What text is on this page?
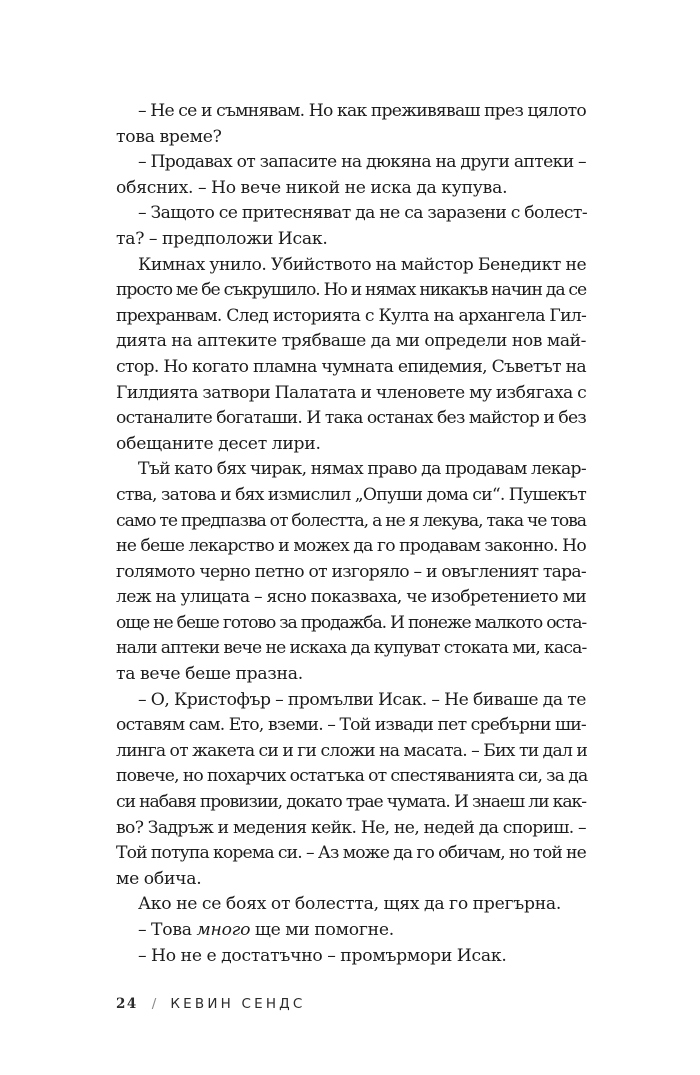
– Не се и съмнявам. Но как преживяваш през цялото
това време?

– Продавах от запасите на дюкяна на други аптеки –
обясних. – Но вече никой не иска да купува.

– Защото се притесняват да не са заразени с болест-
та? – предположи Исак.

Кимнах унило. Убийството на майстор Бенедикт не
просто ме бе съкрушило. Но и нямах никакъв начин да се
прехранвам. След историята с Култа на архангела Гил-
дията на аптеките трябваше да ми определи нов май-
стор. Но когато пламна чумната епидемия, Съветът на
Гилдията затвори Палатата и членовете му избягаха с
останалите богаташи. И така останах без майстор и без
обещаните десет лири.

Тъй като бях чирак, нямах право да продавам лекар-
ства, затова и бях измислил „Опуши дома си“. Пушекът
само те предпазва от болестта, а не я лекува, така че това
не беше лекарство и можех да го продавам законно. Но
голямото черно петно от изгоряло – и овъгленият тара-
леж на улицата – ясно показваха, че изобретението ми
още не беше готово за продажба. И понеже малкото оста-
нали аптеки вече не искаха да купуват стоката ми, каса-
та вече беше празна.

– О, Кристофър – промълви Исак. – Не биваше да те
оставям сам. Ето, вземи. – Той извади пет сребърни ши-
линга от жакета си и ги сложи на масата. – Бих ти дал и
повече, но похарчих остатъка от спестяванията си, за да
си набавя провизии, докато трае чумата. И знаеш ли как-
во? Задръж и медения кейк. Не, не, недей да спориш. –
Той потупа корема си. – Аз може да го обичам, но той не
ме обича.

Ако не се боях от болестта, щях да го прегърна.

– Това много ще ми помогне.

– Но не е достатъчно – промърмори Исак.

24 / КЕВИН СЕНДС
